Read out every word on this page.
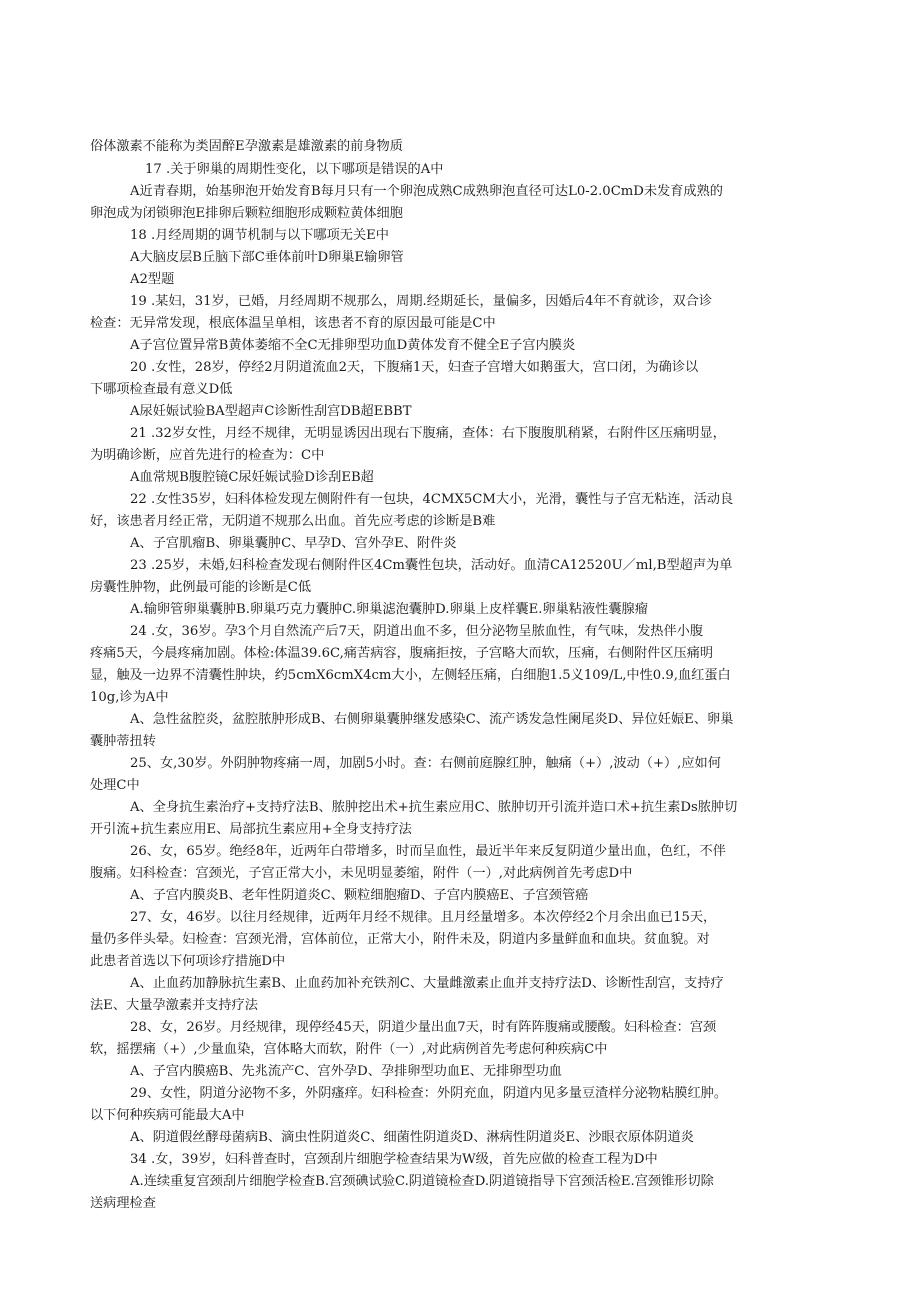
俗体激素不能称为类固醉E孕激素是雄激素的前身物质
17 .关于卵巢的周期性变化，以下哪项是错误的A中
A近青春期，始基卵泡开始发育B每月只有一个卵泡成熟C成熟卵泡直径可达L0-2.0CmD未发育成熟的
卵泡成为闭锁卵泡E排卵后颗粒细胞形成颗粒黄体细胞
18 .月经周期的调节机制与以下哪项无关E中
A大脑皮层B丘脑下部C垂体前叶D卵巢E输卵管
A2型题
19 .某妇，31岁，已婚，月经周期不规那么，周期.经期延长，量偏多，因婚后4年不育就诊，双合诊
检查：无异常发现，根底体温呈单相，该患者不育的原因最可能是C中
A子宫位置异常B黄体萎缩不全C无排卵型功血D黄体发育不健全E子宫内膜炎
20 .女性，28岁，停经2月阴道流血2天，下腹痛1天，妇查子宫增大如鹅蛋大，宫口闭，为确诊以
下哪项检查最有意义D低
A尿妊娠试验BA型超声C诊断性刮宫DB超EBBT
21 .32岁女性，月经不规律，无明显诱因出现右下腹痛，查体：右下腹腹肌稍紧，右附件区压痛明显，
为明确诊断，应首先进行的检查为：C中
A血常规B腹腔镜C尿妊娠试验D诊刮EB超
22 .女性35岁，妇科体检发现左侧附件有一包块，4CMX5CM大小，光滑，囊性与子宫无粘连，活动良
好，该患者月经正常，无阴道不规那么出血。首先应考虑的诊断是B难
A、子宫肌瘤B、卵巢囊肿C、早孕D、宫外孕E、附件炎
23 .25岁，未婚,妇科检查发现右侧附件区4Cm囊性包块，活动好。血清CA12520U／ml,B型超声为单
房囊性肿物，此例最可能的诊断是C低
A.输卵管卵巢囊肿B.卵巢巧克力囊肿C.卵巢滤泡囊肿D.卵巢上皮样囊E.卵巢粘液性囊腺瘤
24 .女，36岁。孕3个月自然流产后7天，阴道出血不多，但分泌物呈脓血性，有气味，发热伴小腹
疼痛5天，今晨疼痛加剧。体检:体温39.6C,痛苦病容，腹痛拒按，子宫略大而软，压痛，右侧附件区压痛明
显，触及一边界不清囊性肿块，约5cmX6cmX4cm大小，左侧轻压痛，白细胞1.5义109/L,中性0.9,血红蛋白
10g,诊为A中
A、急性盆腔炎，盆腔脓肿形成B、右侧卵巢囊肿继发感染C、流产诱发急性阑尾炎D、异位妊娠E、卵巢
囊肿蒂扭转
25、女,30岁。外阴肿物疼痛一周，加剧5小时。查：右侧前庭腺红肿，触痛（+）,波动（+）,应如何
处理C中
A、全身抗生素治疗+支持疗法B、脓肿挖出术+抗生素应用C、脓肿切开引流并造口术+抗生素Ds脓肿切
开引流+抗生素应用E、局部抗生素应用+全身支持疗法
26、女，65岁。绝经8年，近两年白带增多，时而呈血性，最近半年来反复阴道少量出血，色红，不伴
腹痛。妇科检查：宫颈光，子宫正常大小，未见明显萎缩，附件（一）,对此病例首先考虑D中
A、子宫内膜炎B、老年性阴道炎C、颗粒细胞瘤D、子宫内膜癌E、子宫颈管癌
27、女，46岁。以往月经规律，近两年月经不规律。且月经量增多。本次停经2个月余出血已15天，
量仍多伴头晕。妇检查：宫颈光滑，宫体前位，正常大小，附件未及，阴道内多量鲜血和血块。贫血貌。对
此患者首选以下何项诊疗措施D中
A、止血药加静脉抗生素B、止血药加补充铁剂C、大量雌激素止血并支持疗法D、诊断性刮宫，支持疗
法E、大量孕激素并支持疗法
28、女，26岁。月经规律，现停经45天，阴道少量出血7天，时有阵阵腹痛或腰酸。妇科检查：宫颈
软，摇摆痛（+）,少量血染，宫体略大而软，附件（一）,对此病例首先考虑何种疾病C中
A、子宫内膜癌B、先兆流产C、宫外孕D、孕排卵型功血E、无排卵型功血
29、女性，阴道分泌物不多，外阴瘙痒。妇科检查：外阴充血，阴道内见多量豆渣样分泌物粘膜红肿。
以下何种疾病可能最大A中
A、阴道假丝酵母菌病B、滴虫性阴道炎C、细菌性阴道炎D、淋病性阴道炎E、沙眼衣原体阴道炎
34 .女，39岁，妇科普查时，宫颈刮片细胞学检查结果为W级，首先应做的检查工程为D中
A.连续重复宫颈刮片细胞学检查B.宫颈碘试验C.阴道镜检查D.阴道镜指导下宫颈活检E.宫颈锥形切除
送病理检查
